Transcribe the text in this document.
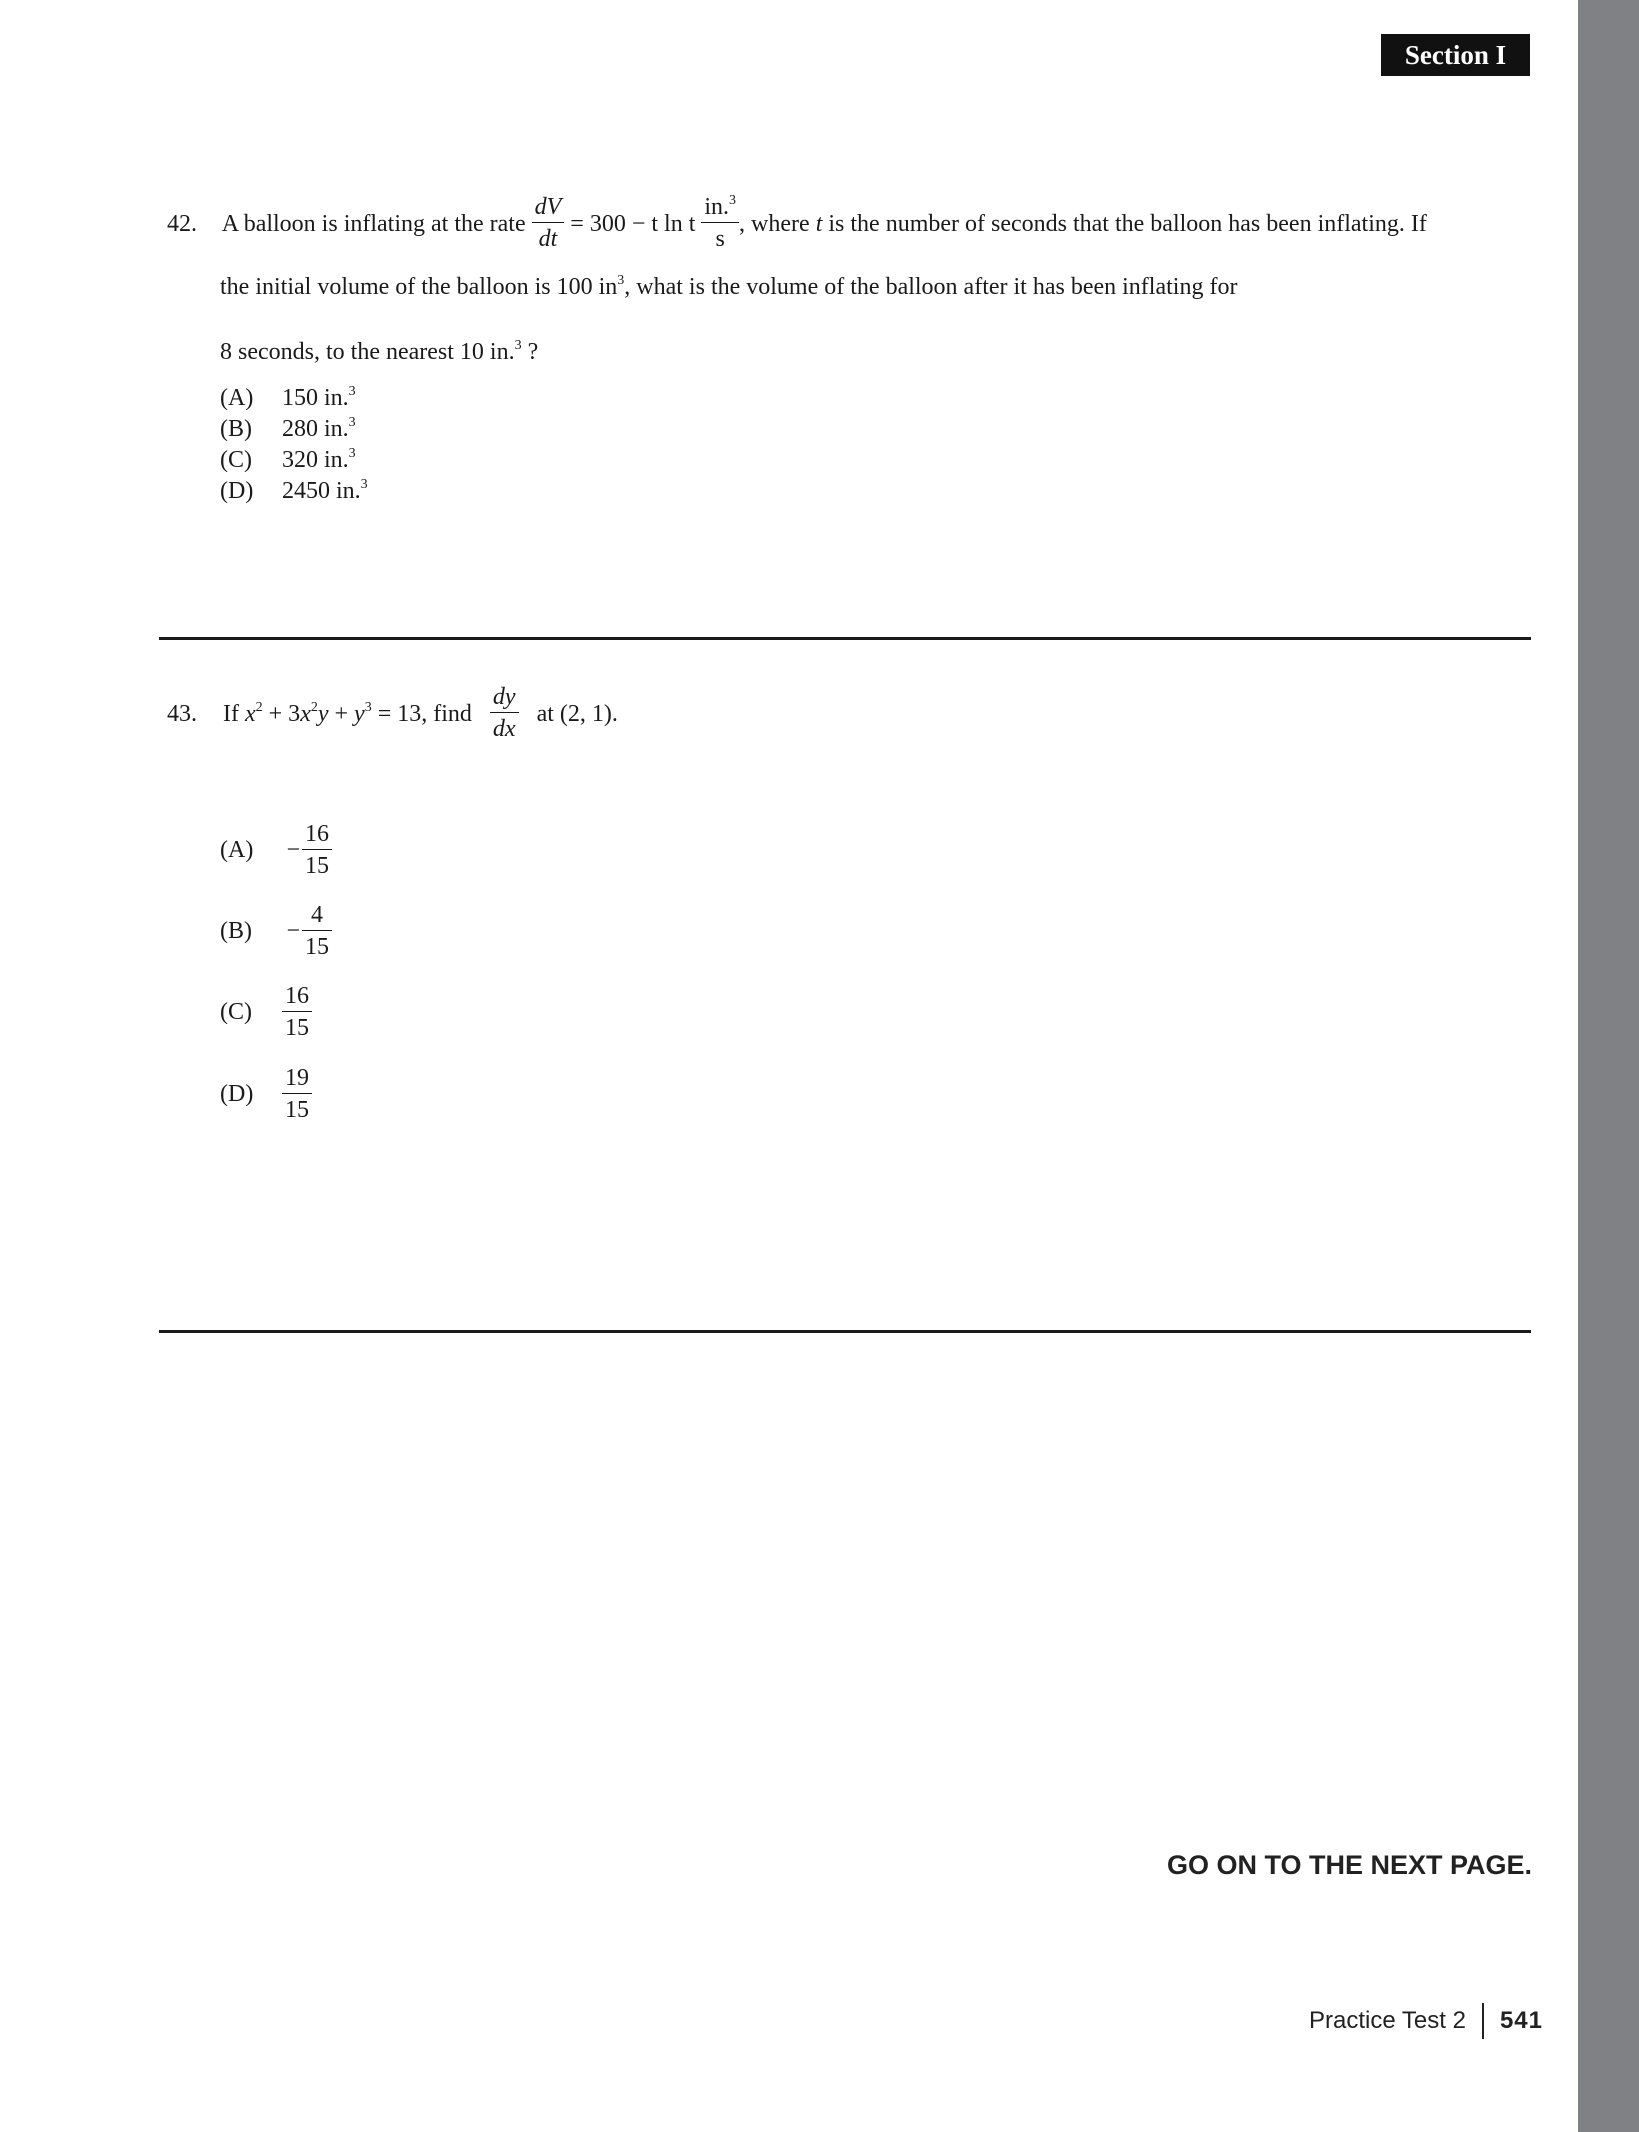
Section I
42. A balloon is inflating at the rate $\frac{dV}{dt} = 300 - t$ ln t $\frac{in.^3}{s}$ , where t is the number of seconds that the balloon has been inflating. If
the initial volume of the balloon is 100 $in^3$, what is the volume of the balloon after it has been inflating for
8 seconds, to the nearest 10 in.$^3$ ?
(A) 150 in.$^3$
(B) 280 in.$^3$
(C) 320 in.$^3$
(D) 2450 in.$^3$
43. If $x^2 + 3x^2y + y^3 = 13$, find $\frac{dy}{dx}$ at (2, 1).
(A)	− $\frac{16}{15}$
(B)	− $\frac{4}{15}$
(C)	$\frac{16}{15}$
(D)	$\frac{19}{15}$
GO ON TO THE NEXT PAGE.
Practice Test 2 541
